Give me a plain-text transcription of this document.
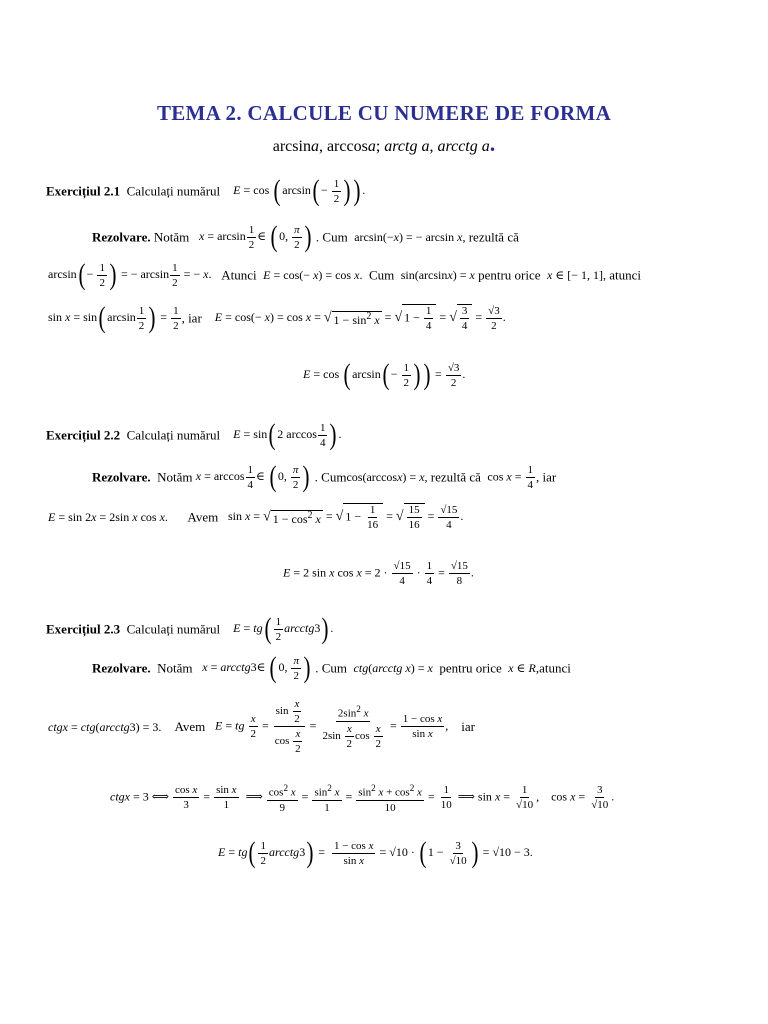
TEMA 2. CALCULE CU NUMERE DE FORMA
arcsina, arccosa; arctg a, arcctg a.
Exercițiul 2.1 Calculați numărul E = cos ( $\arcsin( - \frac{1}{2}$ ) ) .
Rezolvare. Notăm $x = \arcsin \frac{1}{2}$ ∈ ( 0, $\frac{\pi}{2}$ ) . Cum arcsin(−x) = − arcsin x, rezultă că
$\arcsin( - \frac{1}{2}$ ) = − $\arcsin \frac{1}{2}$ = − x. Atunci E = cos(− x) = cos x. Cum sin(arcsinx) = x pentru orice x ∈ [− 1, 1], atunci
sin x = sin( $\arcsin \frac{1}{2}$ ) = $\frac{1}{2}$ , iar E = cos(− x) = cos x = √ $1 - \sin^2 x$ = √ $1 - \frac{1}{4}$ = √ $\frac{3}{4} = \frac{√3}{2}$ .
E = cos ( $\arcsin( - \frac{1}{2}$ ) ) = $\frac{√3}{2}$ .
Exercițiul 2.2 Calculați numărul E = sin( 2 $\arccos \frac{1}{4}$ ) .
Rezolvare. Notăm $x = \arccos \frac{1}{4}$ ∈ ( 0, $\frac{\pi}{2}$ ) . Cumcos(arccosx) = x, rezultă că $\cos x = \frac{1}{4}$ , iar
E = sin 2x = 2sin x cos x. Avem sin x = √ $1 - \cos^2 x$ = √ $1 - \frac{1}{16}$ = √ $\frac{15}{16} = \frac{√15}{4}$ .
E = 2 sin x $\cos x = 2 \cdot \frac{√15}{4} \cdot \frac{1}{4} = \frac{√15}{8}$ .
Exercițiul 2.3 Calculați numărul $E = tg( \frac{1}{2}$ arcctg3) .
Rezolvare. Notăm x = arcctg3∈ ( 0, $\frac{\pi}{2}$ ) . Cum ctg(arcctg x) = x pentru orice x ∈ R,atunci
ctgx = ctg(arcctg3) = 3. Avem E = tg $\frac{x}{2} = \frac{\sin \frac{x}{2}}{\cos \frac{x}{2}} = \frac{2\sin^2 x}{2\sin \frac{x}{2} \cos \frac{x}{2}} = \frac{\text{1 − cos x}}{\text{sin x}}$ , iar
ctgx = 3 ⟺ $\frac{\text{cos x}}{3} = \frac{\text{sin x}}{1}$ ⟹ $\frac{\cos^2 x}{9} = \frac{\sin^2 x}{1} = \frac{\sin^2 x + \cos^2 x}{10} = \frac{1}{10}$ ⟹ $\sin x = \frac{1}{√10}$ ,    $\cos x = \frac{3}{√10}$ .
$E = tg( \frac{1}{2}$ arcctg3) = $\frac{\text{1 − cos x}}{\text{sin x}} = √10$ · ( $1 - \frac{3}{√10}$ ) = √10 − 3.
